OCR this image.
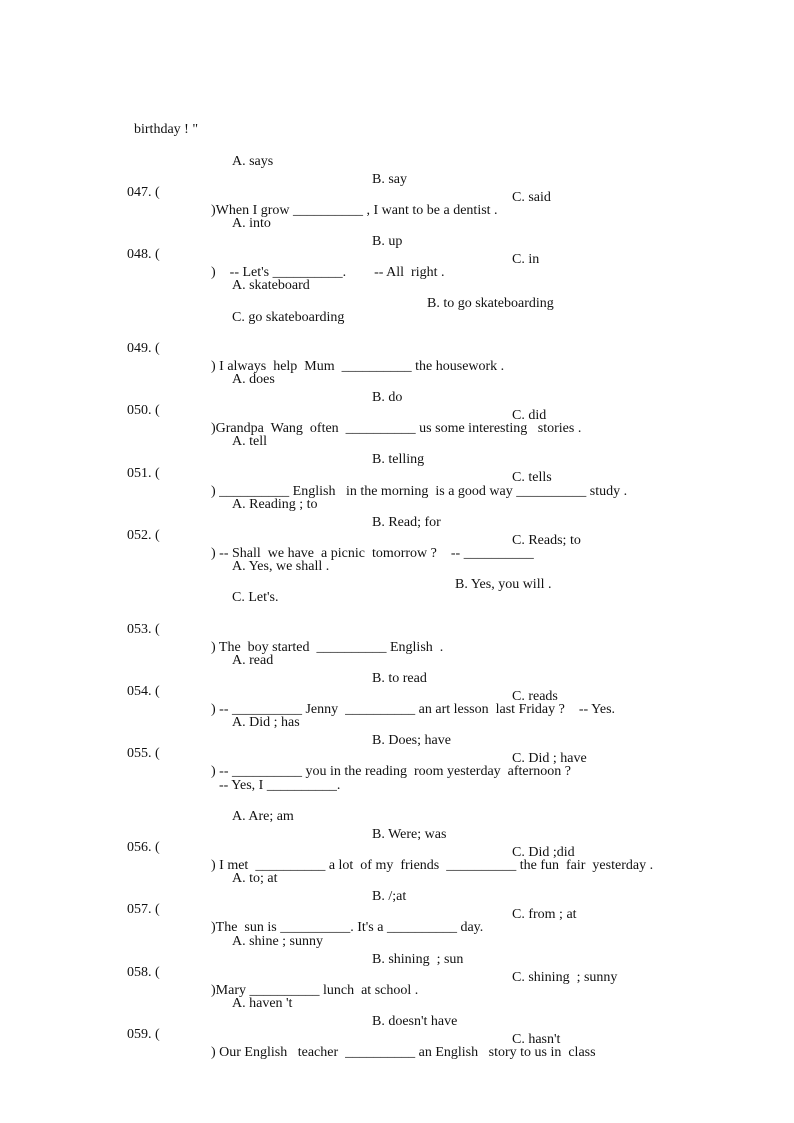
birthday ! "

A. says

B. say

C. said

047. (

)When I grow __________ , I want to be a dentist .

A. into

B. up

C. in

048. (

)    -- Let's __________.        -- All  right .

A. skateboard

B. to go skateboarding

C. go skateboarding

049. (

) I always  help  Mum  __________ the housework .

A. does

B. do

C. did

050. (

)Grandpa  Wang  often  __________ us some interesting   stories .

A. tell

B. telling

C. tells

051. (

) __________ English   in the morning  is a good way __________ study .

A. Reading ; to

B. Read; for

C. Reads; to

052. (

) -- Shall  we have  a picnic  tomorrow ?    -- __________

A. Yes, we shall .

B. Yes, you will .

C. Let's.

053. (

) The  boy started  __________ English  .

A. read

B. to read

C. reads

054. (

) -- __________ Jenny  __________ an art lesson  last Friday ?    -- Yes.

A. Did ; has

B. Does; have

C. Did ; have

055. (

) -- __________ you in the reading  room yesterday  afternoon ?

-- Yes, I __________.

A. Are; am

B. Were; was

C. Did ;did

056. (

) I met  __________ a lot  of my  friends  __________ the fun  fair  yesterday .

A. to; at

B. /;at

C. from ; at

057. (

)The  sun is __________. It's a __________ day.

A. shine ; sunny

B. shining  ; sun

C. shining  ; sunny

058. (

)Mary __________ lunch  at school .

A. haven 't

B. doesn't have

C. hasn't

059. (

) Our English   teacher  __________ an English   story to us in  class
